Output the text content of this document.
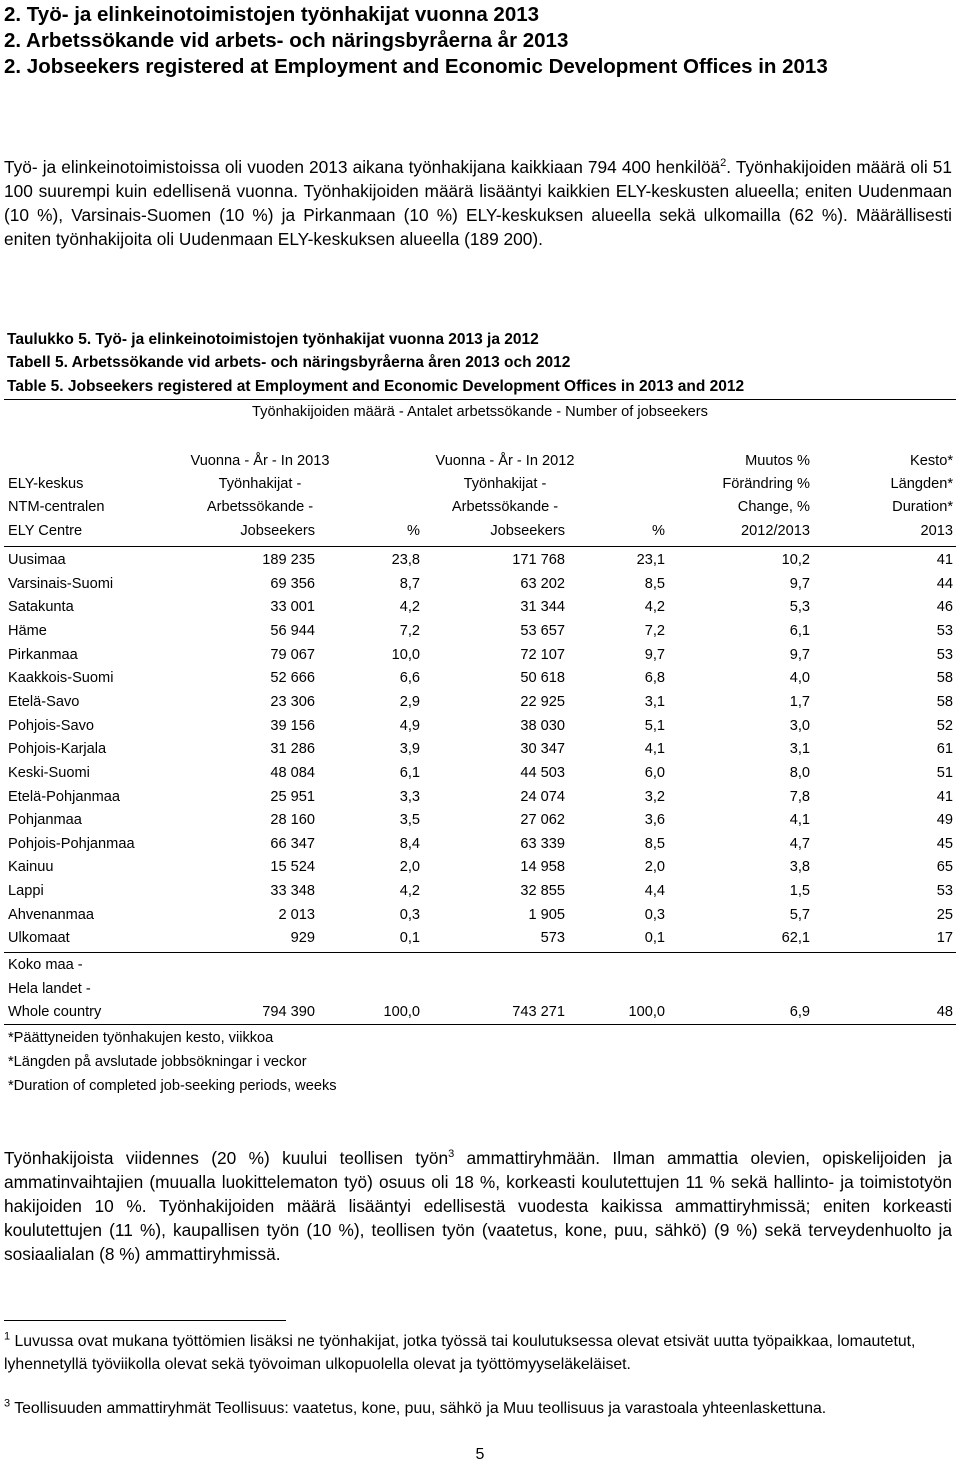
2. Työ- ja elinkeinotoimistojen työnhakijat vuonna 2013
2. Arbetssökande vid arbets- och näringsbyråerna år 2013
2. Jobseekers registered at Employment and Economic Development Offices in 2013
Työ- ja elinkeinotoimistoissa oli vuoden 2013 aikana työnhakijana kaikkiaan 794 400 henkilöä$^2$. Työnhakijoiden määrä oli 51 100 suurempi kuin edellisenä vuonna. Työnhakijoiden määrä lisääntyi kaikkien ELY-keskusten alueella; eniten Uudenmaan (10 %), Varsinais-Suomen (10 %) ja Pirkanmaan (10 %) ELY-keskuksen alueella sekä ulkomailla (62 %). Määrällisesti eniten työnhakijoita oli Uudenmaan ELY-keskuksen alueella (189 200).
Taulukko 5. Työ- ja elinkeinotoimistojen työnhakijat vuonna 2013 ja 2012
Tabell 5. Arbetssökande vid arbets- och näringsbyråerna åren 2013 och 2012
Table 5. Jobseekers registered at Employment and Economic Development Offices in 2013 and 2012
Työnhakijoiden määrä - Antalet arbetssökande - Number of jobseekers
Vuonna - År - In 2013	Vuonna - År - In 2012	Muutos %	Kesto*
ELY-keskus	Työnhakijat -	Työnhakijat -	Förändring %	Längden*
NTM-centralen	Arbetssökande -	Arbetssökande -	Change, %	Duration*
ELY Centre	Jobseekers	%	Jobseekers	%	2012/2013	2013
Uusimaa	189 235	23,8	171 768	23,1	10,2	41
Varsinais-Suomi	69 356	8,7	63 202	8,5	9,7	44
Satakunta	33 001	4,2	31 344	4,2	5,3	46
Häme	56 944	7,2	53 657	7,2	6,1	53
Pirkanmaa	79 067	10,0	72 107	9,7	9,7	53
Kaakkois-Suomi	52 666	6,6	50 618	6,8	4,0	58
Etelä-Savo	23 306	2,9	22 925	3,1	1,7	58
Pohjois-Savo	39 156	4,9	38 030	5,1	3,0	52
Pohjois-Karjala	31 286	3,9	30 347	4,1	3,1	61
Keski-Suomi	48 084	6,1	44 503	6,0	8,0	51
Etelä-Pohjanmaa	25 951	3,3	24 074	3,2	7,8	41
Pohjanmaa	28 160	3,5	27 062	3,6	4,1	49
Pohjois-Pohjanmaa	66 347	8,4	63 339	8,5	4,7	45
Kainuu	15 524	2,0	14 958	2,0	3,8	65
Lappi	33 348	4,2	32 855	4,4	1,5	53
Ahvenanmaa	2 013	0,3	1 905	0,3	5,7	25
Ulkomaat	929	0,1	573	0,1	62,1	17
Koko maa -
Hela landet -
Whole country	794 390	100,0	743 271	100,0	6,9	48
*Päättyneiden työnhakujen kesto, viikkoa
*Längden på avslutade jobbsökningar i veckor
*Duration of completed job-seeking periods, weeks
Työnhakijoista viidennes (20 %) kuului teollisen työn$^3$ ammattiryhmään. Ilman ammattia olevien, opiskelijoiden ja ammatinvaihtajien (muualla luokittelematon työ) osuus oli 18 %, korkeasti koulutettujen 11 % sekä hallinto- ja toimistotyön hakijoiden 10 %. Työnhakijoiden määrä lisääntyi edellisestä vuodesta kaikissa ammattiryhmissä; eniten korkeasti koulutettujen (11 %), kaupallisen työn (10 %), teollisen työn (vaatetus, kone, puu, sähkö) (9 %) sekä terveydenhuolto ja sosiaalialan (8 %) ammattiryhmissä.
$^1$ Luvussa ovat mukana työttömien lisäksi ne työnhakijat, jotka työssä tai koulutuksessa olevat etsivät uutta työpaikkaa, lomautetut, lyhennetyllä työviikolla olevat sekä työvoiman ulkopuolella olevat ja työttömyyseläkeläiset.
$^3$ Teollisuuden ammattiryhmät Teollisuus: vaatetus, kone, puu, sähkö ja Muu teollisuus ja varastoala yhteenlaskettuna.
5
